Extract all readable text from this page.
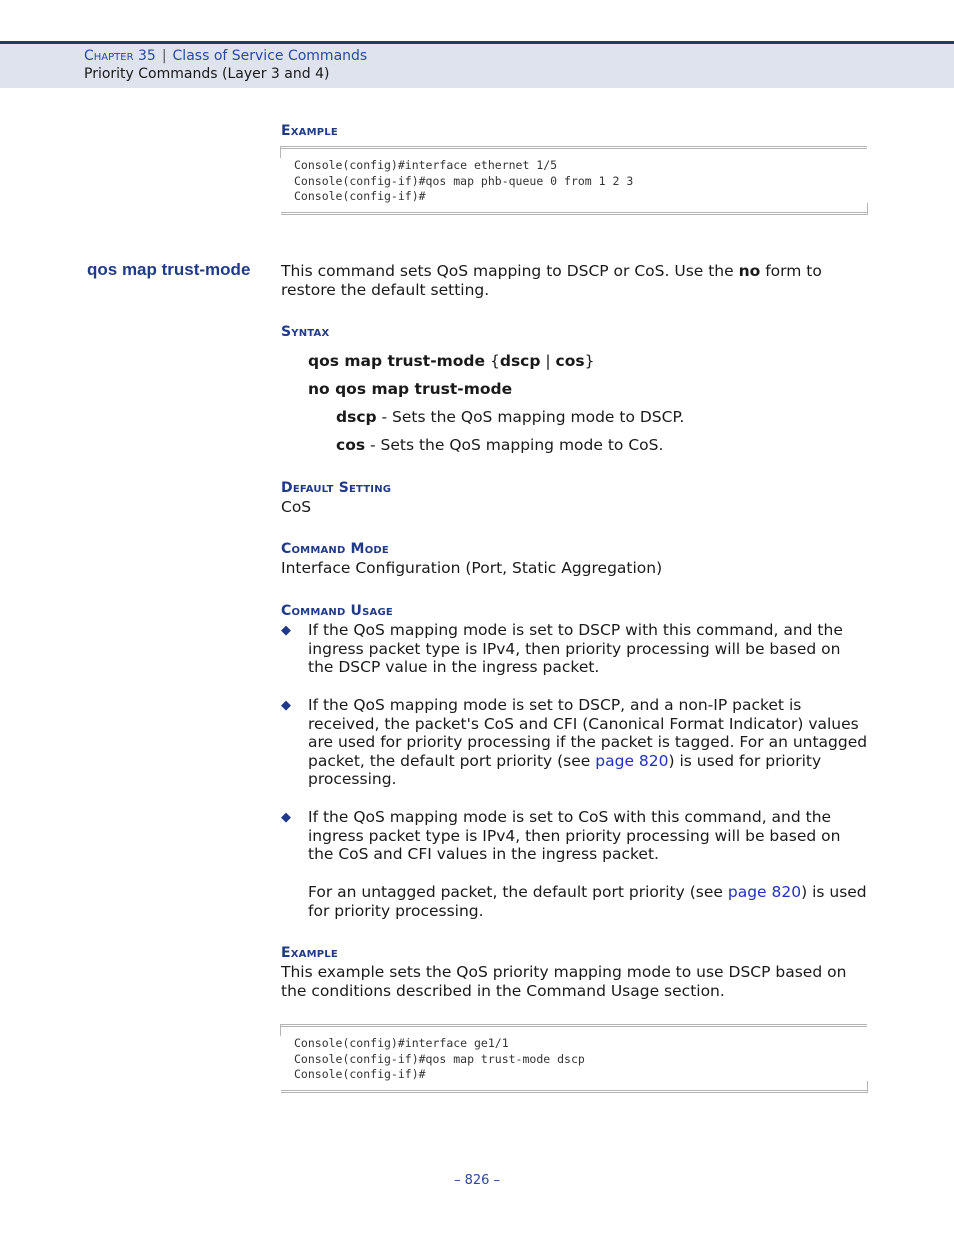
Chapter 35 | Class of Service Commands
Priority Commands (Layer 3 and 4)
Example
Console(config)#interface ethernet 1/5
Console(config-if)#qos map phb-queue 0 from 1 2 3
Console(config-if)#
qos map trust-mode This command sets QoS mapping to DSCP or CoS. Use the no form to restore the default setting.
Syntax
qos map trust-mode {dscp | cos}
no qos map trust-mode
dscp - Sets the QoS mapping mode to DSCP.
cos - Sets the QoS mapping mode to CoS.
Default Setting
CoS
Command Mode
Interface Configuration (Port, Static Aggregation)
Command Usage
◆ If the QoS mapping mode is set to DSCP with this command, and the ingress packet type is IPv4, then priority processing will be based on the DSCP value in the ingress packet.
◆ If the QoS mapping mode is set to DSCP, and a non-IP packet is received, the packet's CoS and CFI (Canonical Format Indicator) values are used for priority processing if the packet is tagged. For an untagged packet, the default port priority (see page 820) is used for priority processing.
◆ If the QoS mapping mode is set to CoS with this command, and the ingress packet type is IPv4, then priority processing will be based on the CoS and CFI values in the ingress packet.
For an untagged packet, the default port priority (see page 820) is used for priority processing.
Example
This example sets the QoS priority mapping mode to use DSCP based on the conditions described in the Command Usage section.
Console(config)#interface ge1/1
Console(config-if)#qos map trust-mode dscp
Console(config-if)#
– 826 –
